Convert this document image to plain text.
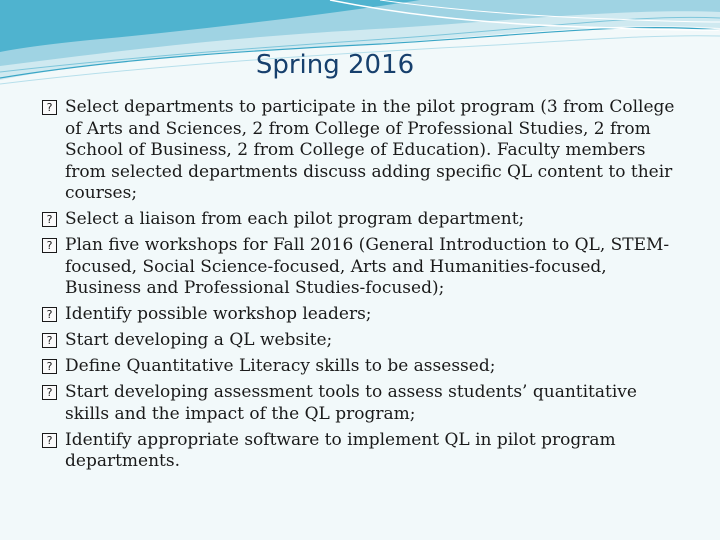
Spring 2016
? Select departments to participate in the pilot program (3 from College of Arts and Sciences, 2 from College of Professional Studies, 2 from School of Business, 2 from College of Education). Faculty members from selected departments discuss adding specific QL content to their courses;
? Select a liaison from each pilot program department;
? Plan five workshops for Fall 2016 (General Introduction to QL, STEM-focused, Social Science-focused, Arts and Humanities-focused, Business and Professional Studies-focused);
? Identify possible workshop leaders;
? Start developing a QL website;
? Define Quantitative Literacy skills to be assessed;
? Start developing assessment tools to assess students’ quantitative skills and the impact of the QL program;
? Identify appropriate software to implement QL in pilot program departments.
